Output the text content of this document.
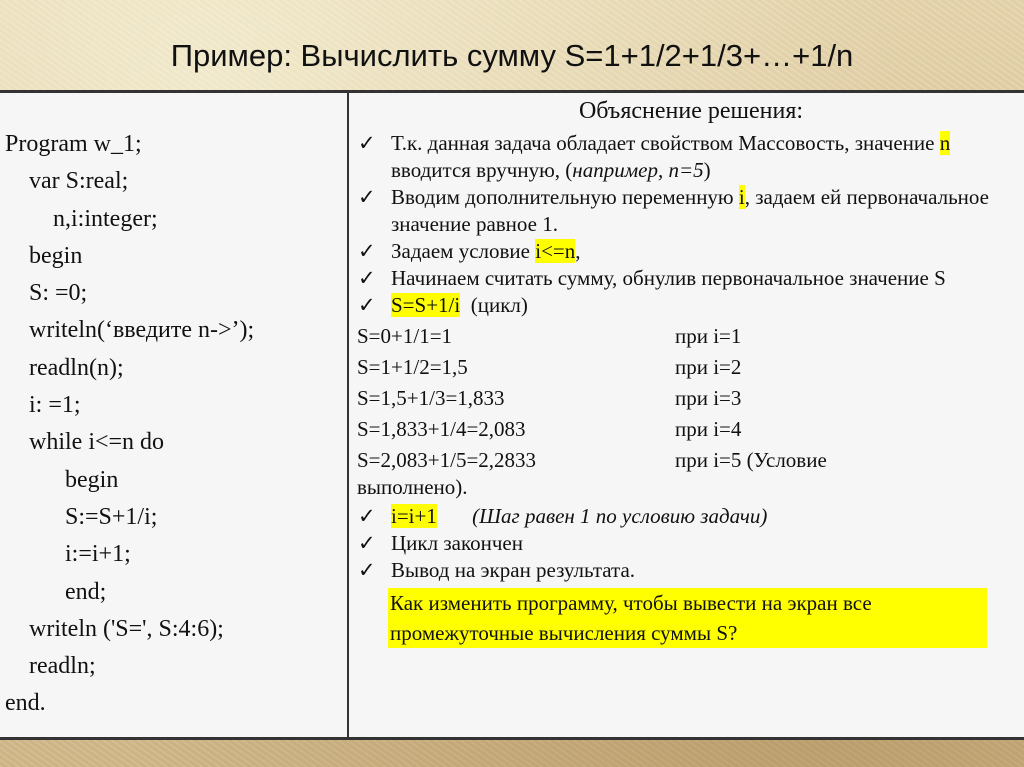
Пример: Вычислить сумму S=1+1/2+1/3+…+1/n
Program w_1;
var S:real;
n,i:integer;
begin
S: =0;
writeln(‘введите n->’);
readln(n);
i: =1;
while i<=n do
begin
S:=S+1/i;
i:=i+1;
end;
writeln ('S=', S:4:6);
readln;
end.
Объяснение решения:
✓ Т.к. данная задача обладает свойством Массовость, значение n вводится вручную, (например, n=5)
✓ Вводим дополнительную переменную i, задаем ей первоначальное значение равное 1.
✓ Задаем условие i<=n,
✓ Начинаем считать сумму, обнулив первоначальное значение S
✓ S=S+1/i  (цикл)
S=0+1/1=1	при i=1
S=1+1/2=1,5	при i=2
S=1,5+1/3=1,833	при i=3
S=1,833+1/4=2,083	при i=4
S=2,083+1/5=2,2833	при i=5 (Условие
выполнено).
✓ i=i+1 (Шаг равен 1 по условию задачи)
✓ Цикл закончен
✓ Вывод на экран результата.
Как изменить программу, чтобы вывести на экран все промежуточные вычисления суммы S?
